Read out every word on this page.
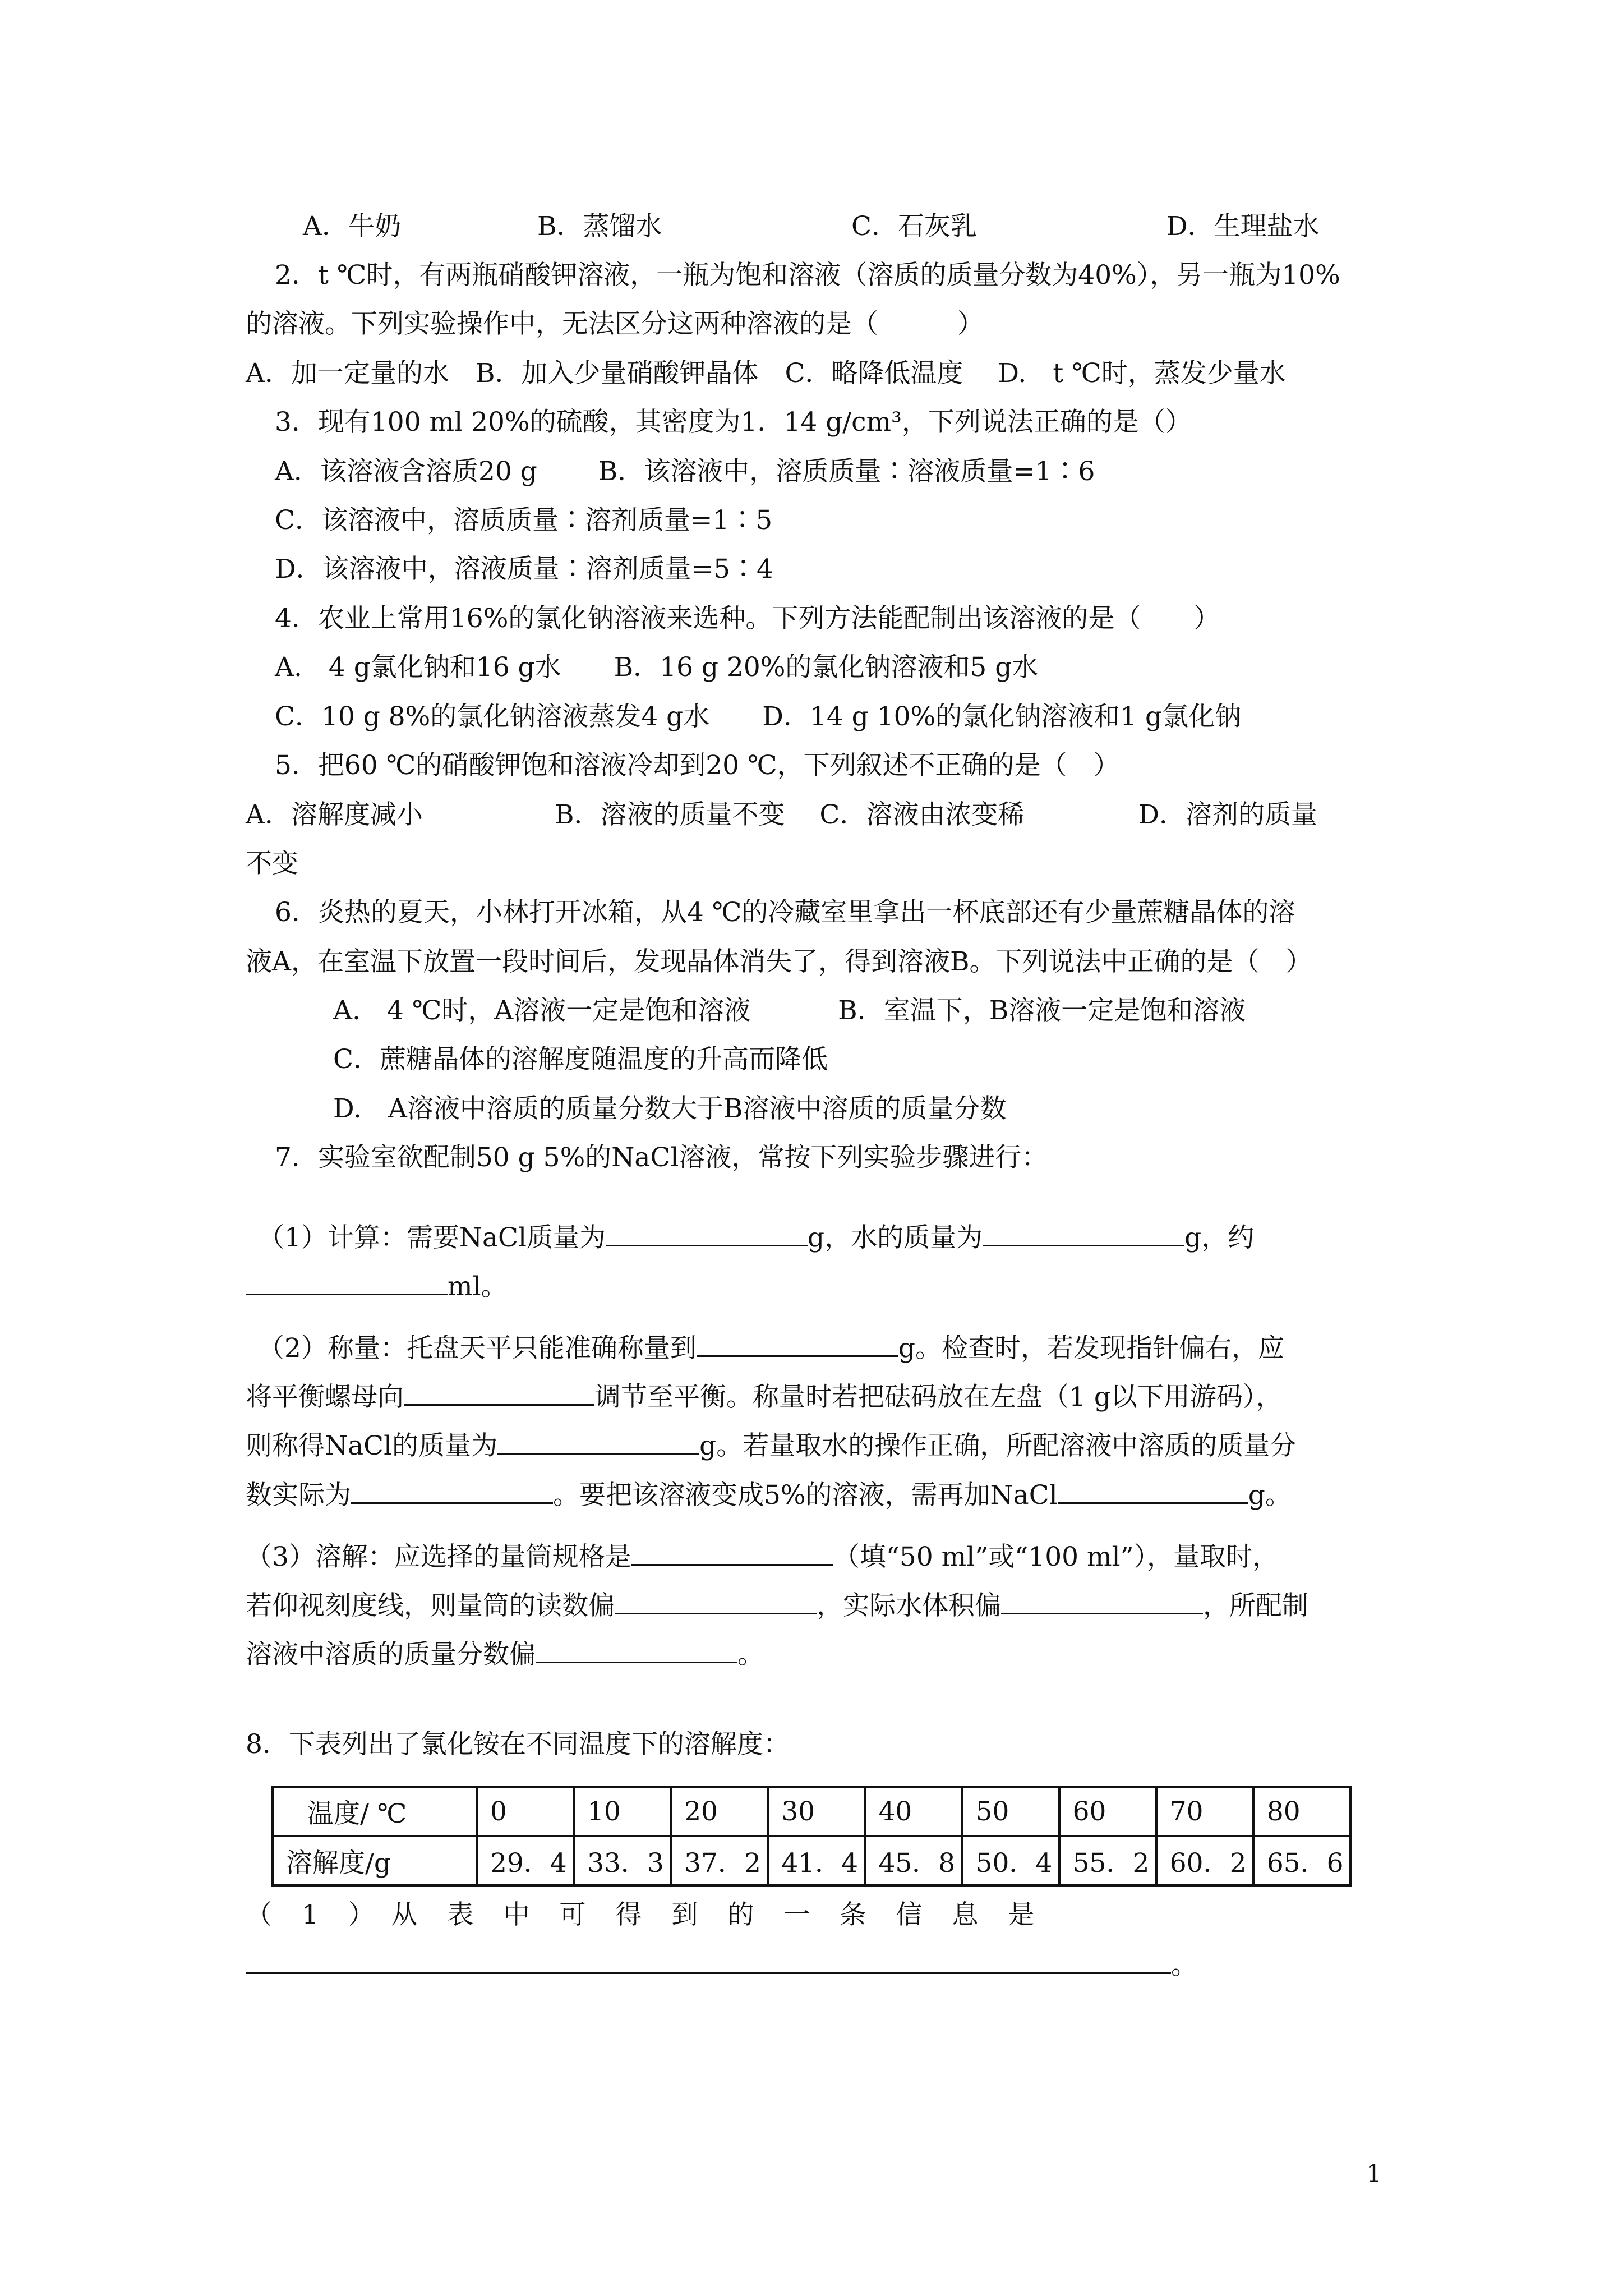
A．牛奶	B．蒸馏水	C．石灰乳	D．生理盐水
2．t ℃时，有两瓶硝酸钾溶液，一瓶为饱和溶液（溶质的质量分数为40%），另一瓶为10%
的溶液。下列实验操作中，无法区分这两种溶液的是（　　　）
A．加一定量的水　B．加入少量硝酸钾晶体　C．略降低温度　 D.　t ℃时，蒸发少量水
3．现有100 ml 20%的硫酸，其密度为1．14 g/cm³，下列说法正确的是（）
A．该溶液含溶质20 g　　 B．该溶液中，溶质质量∶溶液质量=1∶6
C．该溶液中，溶质质量∶溶剂质量=1∶5
D．该溶液中，溶液质量∶溶剂质量=5∶4
4．农业上常用16%的氯化钠溶液来选种。下列方法能配制出该溶液的是（　　）
A.　4 g氯化钠和16 g水　　B．16 g 20%的氯化钠溶液和5 g水
C．10 g 8%的氯化钠溶液蒸发4 g水　　D．14 g 10%的氯化钠溶液和1 g氯化钠
5．把60 ℃的硝酸钾饱和溶液冷却到20 ℃，下列叙述不正确的是（　）
A．溶解度减小　　　　　B．溶液的质量不变　 C．溶液由浓变稀　　　　 D．溶剂的质量
不变
6．炎热的夏天，小林打开冰箱，从4 ℃的冷藏室里拿出一杯底部还有少量蔗糖晶体的溶
液A，在室温下放置一段时间后，发现晶体消失了，得到溶液B。下列说法中正确的是（　）
A.　4 ℃时，A溶液一定是饱和溶液　　　 B．室温下，B溶液一定是饱和溶液
C．蔗糖晶体的溶解度随温度的升高而降低
D.　A溶液中溶质的质量分数大于B溶液中溶质的质量分数
7．实验室欲配制50 g 5%的NaCl溶液，常按下列实验步骤进行：
（1）计算：需要NaCl质量为	g，水的质量为	g，约
ml。
（2）称量：托盘天平只能准确称量到	g。检查时，若发现指针偏右，应
将平衡螺母向	调节至平衡。称量时若把砝码放在左盘（1 g以下用游码），
则称得NaCl的质量为	g。若量取水的操作正确，所配溶液中溶质的质量分
数实际为	。要把该溶液变成5%的溶液，需再加NaCl	g。
（3）溶解：应选择的量筒规格是	（填“50 ml”或“100 ml”），量取时，
若仰视刻度线，则量筒的读数偏	，实际水体积偏	，所配制
溶液中溶质的质量分数偏	。
8．下表列出了氯化铵在不同温度下的溶解度：
温度/ ℃	0	10	20	30	40	50	60	70	80
溶解度/g	29．4	33．3	37．2	41．4	45．8	50．4	55．2	60．2	65．6
（　1　）　从　表　中　可　得　到　的　一　条　信　息　是
。
1
